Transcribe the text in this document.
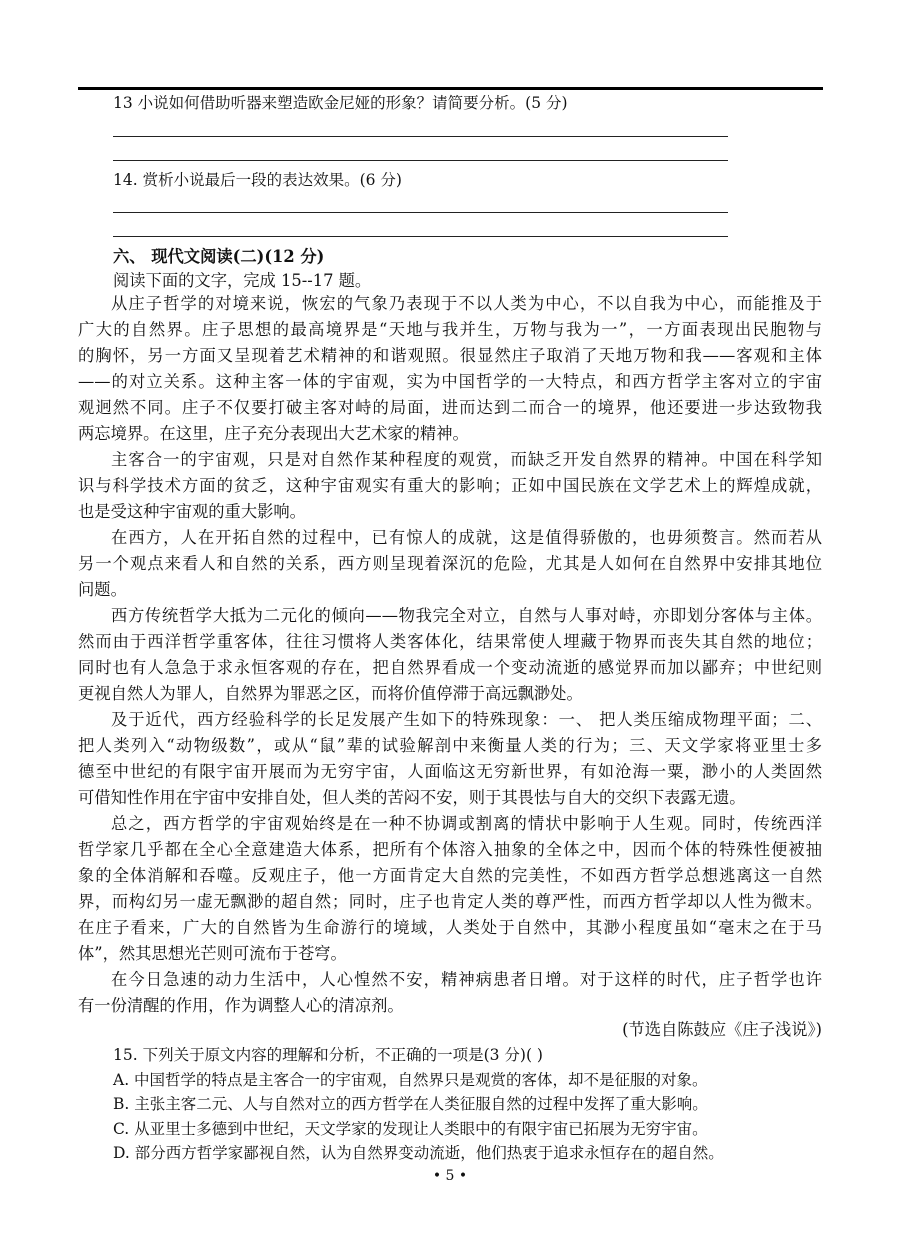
13 小说如何借助听器来塑造欧金尼娅的形象？请简要分析。(5 分)
14. 赏析小说最后一段的表达效果。(6 分)
六、 现代文阅读(二)(12 分)
阅读下面的文字，完成 15--17 题。
从庄子哲学的对境来说，恢宏的气象乃表现于不以人类为中心，不以自我为中心，而能推及于
广大的自然界。庄子思想的最高境界是“天地与我并生，万物与我为一”，一方面表现出民胞物与
的胸怀，另一方面又呈现着艺术精神的和谐观照。很显然庄子取消了天地万物和我——客观和主体
——的对立关系。这种主客一体的宇宙观，实为中国哲学的一大特点，和西方哲学主客对立的宇宙
观迥然不同。庄子不仅要打破主客对峙的局面，进而达到二而合一的境界，他还要进一步达致物我
两忘境界。在这里，庄子充分表现出大艺术家的精神。
主客合一的宇宙观，只是对自然作某种程度的观赏，而缺乏开发自然界的精神。中国在科学知
识与科学技术方面的贫乏，这种宇宙观实有重大的影响；正如中国民族在文学艺术上的辉煌成就，
也是受这种宇宙观的重大影响。
在西方，人在开拓自然的过程中，已有惊人的成就，这是值得骄傲的，也毋须赘言。然而若从
另一个观点来看人和自然的关系，西方则呈现着深沉的危险，尤其是人如何在自然界中安排其地位
问题。
西方传统哲学大抵为二元化的倾向——物我完全对立，自然与人事对峙，亦即划分客体与主体。
然而由于西洋哲学重客体，往往习惯将人类客体化，结果常使人埋藏于物界而丧失其自然的地位；
同时也有人急急于求永恒客观的存在，把自然界看成一个变动流逝的感觉界而加以鄙弃；中世纪则
更视自然人为罪人，自然界为罪恶之区，而将价值停滞于高远飘渺处。
及于近代，西方经验科学的长足发展产生如下的特殊现象：一、 把人类压缩成物理平面；二、
把人类列入“动物级数”，或从“鼠”辈的试验解剖中来衡量人类的行为；三、天文学家将亚里士多
德至中世纪的有限宇宙开展而为无穷宇宙，人面临这无穷新世界，有如沧海一粟，渺小的人类固然
可借知性作用在宇宙中安排自处，但人类的苦闷不安，则于其畏怯与自大的交织下表露无遗。
总之，西方哲学的宇宙观始终是在一种不协调或割离的情状中影响于人生观。同时，传统西洋
哲学家几乎都在全心全意建造大体系，把所有个体溶入抽象的全体之中，因而个体的特殊性便被抽
象的全体消解和吞噬。反观庄子，他一方面肯定大自然的完美性，不如西方哲学总想逃离这一自然
界，而构幻另一虚无飘渺的超自然；同时，庄子也肯定人类的尊严性，而西方哲学却以人性为微末。
在庄子看来，广大的自然皆为生命游行的境域，人类处于自然中，其渺小程度虽如“毫末之在于马
体”，然其思想光芒则可流布于苍穹。
在今日急速的动力生活中，人心惶然不安，精神病患者日增。对于这样的时代，庄子哲学也许
有一份清醒的作用，作为调整人心的清凉剂。
(节选自陈鼓应《庄子浅说》)
15. 下列关于原文内容的理解和分析，不正确的一项是(3 分)( )
A. 中国哲学的特点是主客合一的宇宙观，自然界只是观赏的客体，却不是征服的对象。
B. 主张主客二元、人与自然对立的西方哲学在人类征服自然的过程中发挥了重大影响。
C. 从亚里士多德到中世纪，天文学家的发现让人类眼中的有限宇宙已拓展为无穷宇宙。
D. 部分西方哲学家鄙视自然，认为自然界变动流逝，他们热衷于追求永恒存在的超自然。
• 5 •
